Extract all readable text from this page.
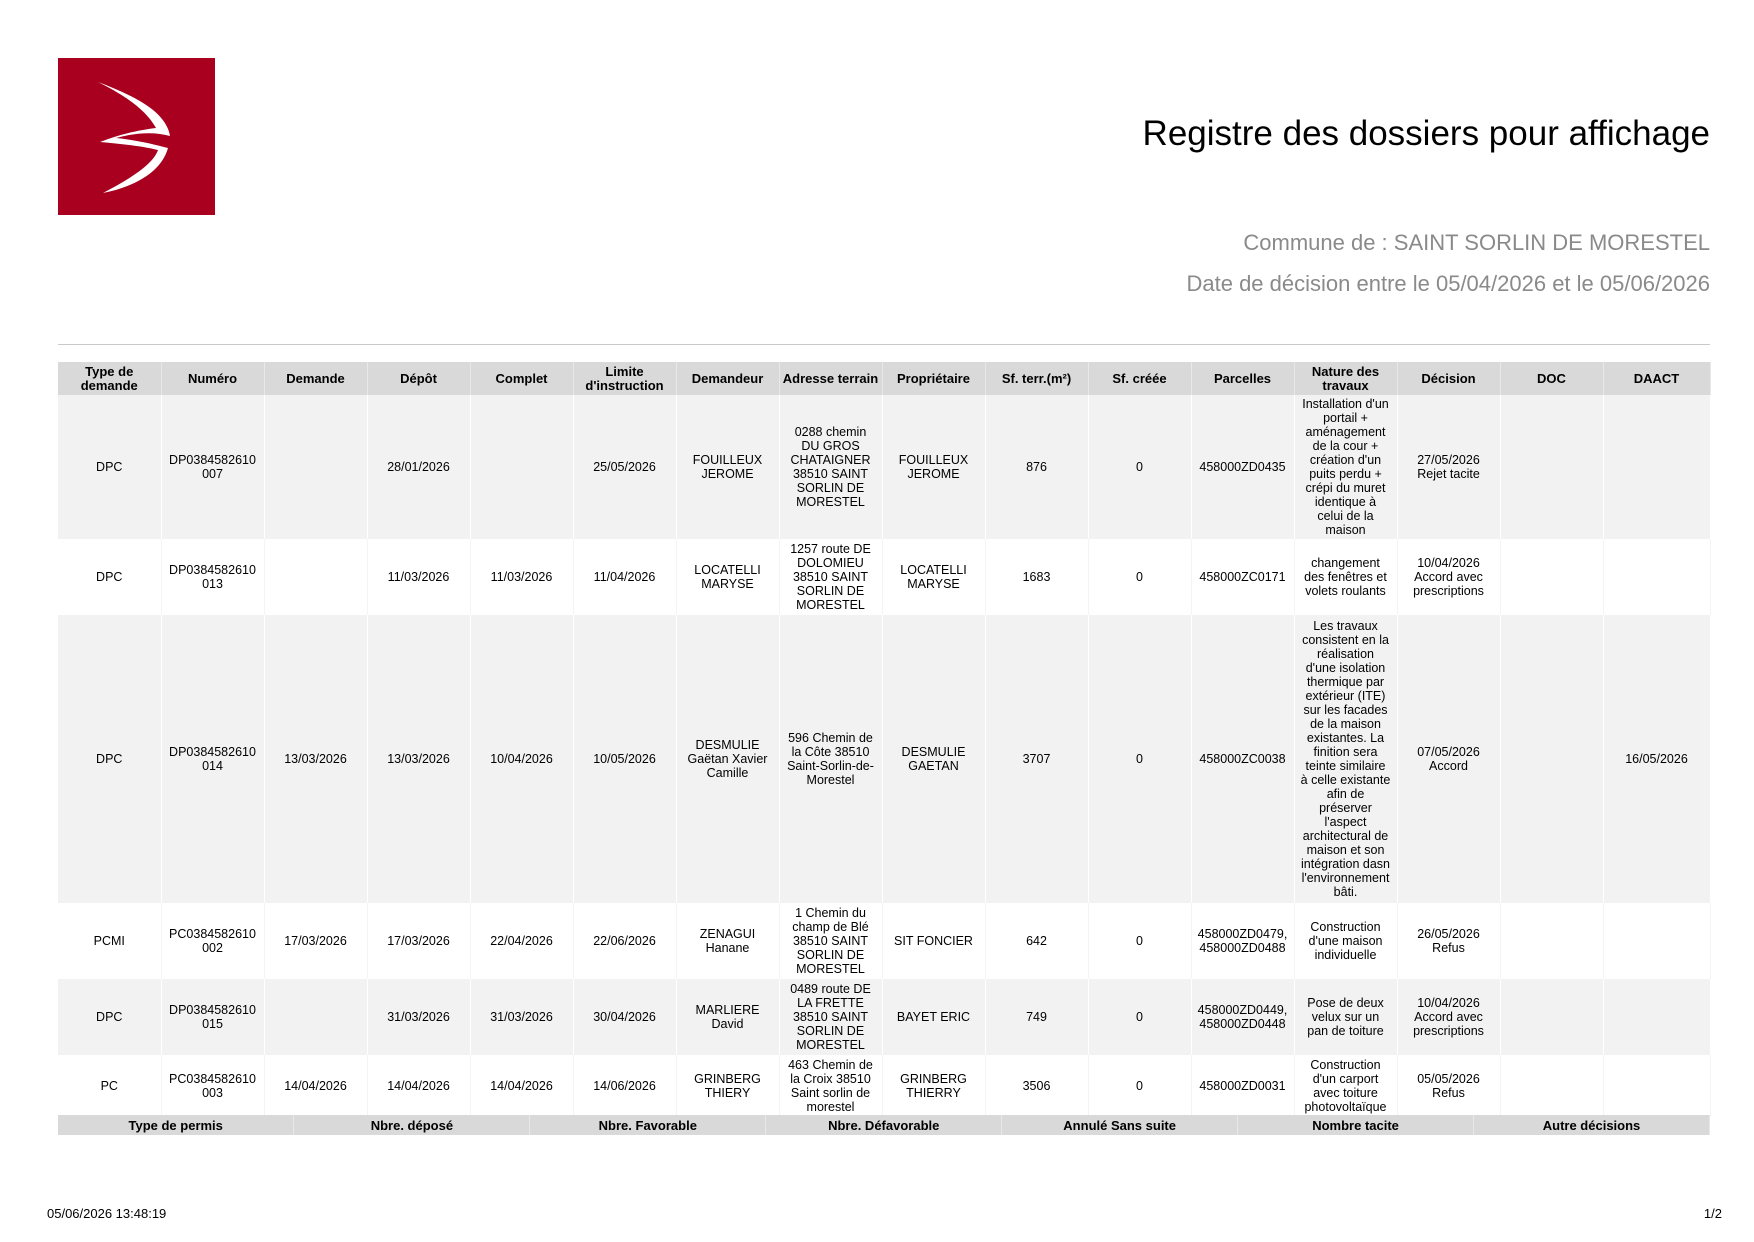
Registre des dossiers pour affichage
Commune de : SAINT SORLIN DE MORESTEL
Date de décision entre le 05/04/2026 et le 05/06/2026
Type de demande	Numéro	Demande	Dépôt	Complet	Limite d'instruction	Demandeur	Adresse terrain	Propriétaire	Sf. terr.(m²)	Sf. créée	Parcelles	Nature des travaux	Décision	DOC	DAACT
DPC	DP0384582610 007		28/01/2026		25/05/2026	FOUILLEUX JEROME	0288 chemin DU GROS CHATAIGNER 38510 SAINT SORLIN DE MORESTEL	FOUILLEUX JEROME	876	0	458000ZD0435	Installation d'un portail + aménagement de la cour + création d'un puits perdu + crépi du muret identique à celui de la maison	27/05/2026
Rejet tacite		

DPC	DP0384582610 013		11/03/2026	11/03/2026	11/04/2026	LOCATELLI MARYSE	1257 route DE DOLOMIEU 38510 SAINT SORLIN DE MORESTEL	LOCATELLI MARYSE	1683	0	458000ZC0171	changement des fenêtres et volets roulants	10/04/2026
Accord avec prescriptions		

DPC	DP0384582610 014	13/03/2026	13/03/2026	10/04/2026	10/05/2026	DESMULIE Gaëtan Xavier Camille	596 Chemin de la Côte 38510 Saint-Sorlin-de-Morestel	DESMULIE GAETAN	3707	0	458000ZC0038	Les travaux consistent en la réalisation d'une isolation thermique par extérieur (ITE) sur les facades de la maison existantes. La finition sera teinte similaire à celle existante afin de préserver l'aspect architectural de maison et son intégration dasn l'environnement bâti.	07/05/2026
Accord		16/05/2026
PCMI	PC0384582610 002	17/03/2026	17/03/2026	22/04/2026	22/06/2026	ZENAGUI Hanane	1 Chemin du champ de Blé 38510 SAINT SORLIN DE MORESTEL	SIT FONCIER	642	0	458000ZD0479, 458000ZD0488	Construction d'une maison individuelle	26/05/2026
Refus		

DPC	DP0384582610 015		31/03/2026	31/03/2026	30/04/2026	MARLIERE David	0489 route DE LA FRETTE 38510 SAINT SORLIN DE MORESTEL	BAYET ERIC	749	0	458000ZD0449, 458000ZD0448	Pose de deux velux sur un pan de toiture	10/04/2026
Accord avec prescriptions		

PC	PC0384582610 003	14/04/2026	14/04/2026	14/04/2026	14/06/2026	GRINBERG THIERY	463 Chemin de la Croix 38510 Saint sorlin de morestel	GRINBERG THIERRY	3506	0	458000ZD0031	Construction d'un carport avec toiture photovoltaïque	05/05/2026
Refus		

Type de permis	Nbre. déposé	Nbre. Favorable	Nbre. Défavorable	Annulé Sans suite	Nombre tacite	Autre décisions
05/06/2026 13:48:19	1/2
